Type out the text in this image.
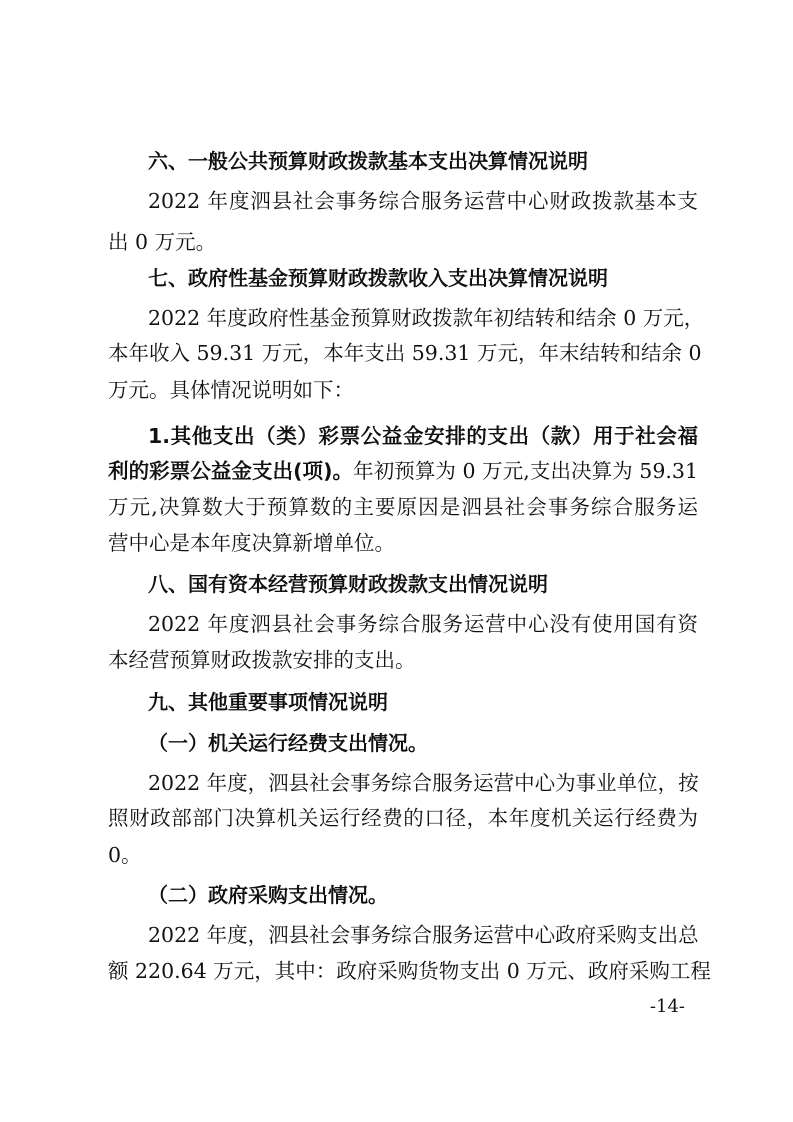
六、一般公共预算财政拨款基本支出决算情况说明

2022 年度泗县社会事务综合服务运营中心财政拨款基本支

出 0 万元。

七、政府性基金预算财政拨款收入支出决算情况说明

2022 年度政府性基金预算财政拨款年初结转和结余 0 万元，

本年收入 59.31 万元，本年支出 59.31 万元，年末结转和结余 0

万元。具体情况说明如下：

1.其他支出（类）彩票公益金安排的支出（款）用于社会福

利的彩票公益金支出(项)。年初预算为 0 万元,支出决算为 59.31

万元,决算数大于预算数的主要原因是泗县社会事务综合服务运

营中心是本年度决算新增单位。

八、国有资本经营预算财政拨款支出情况说明

2022 年度泗县社会事务综合服务运营中心没有使用国有资

本经营预算财政拨款安排的支出。

九、其他重要事项情况说明

（一）机关运行经费支出情况。

2022 年度，泗县社会事务综合服务运营中心为事业单位，按

照财政部部门决算机关运行经费的口径，本年度机关运行经费为

0。

（二）政府采购支出情况。

2022 年度，泗县社会事务综合服务运营中心政府采购支出总

额 220.64 万元，其中：政府采购货物支出 0 万元、政府采购工程

-14-
